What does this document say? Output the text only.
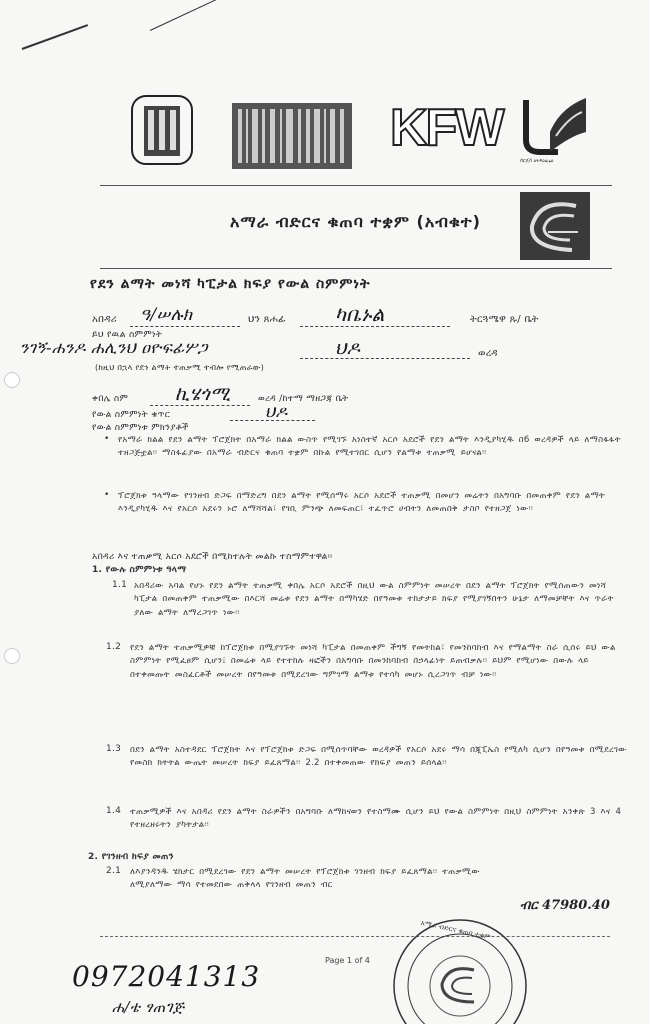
KFW
ሰርጀስ ዕትጾዕዕሌዕ
አማራ ብድርና ቁጠባ ተቋም (አብቁተ)
የደን ልማት መነሻ ካፒታል ክፍያ የውል ስምምነት
አበዳሪ ዓ/ሠሉክ	ህን ጸሐፊ ካቤኑል	ትርጓሜዋ ጹ/ ቤት
ይህ የዉል ስምምነት
ንገኝ-ሐንዶ ሐሊንህ ዐዮፍፊሦጋ	ህዶ	ወረዳ
(ከዚህ በኋላ የደን ልማት ተጠቃሚ ተብሎ የሚጠራው)
ቀበሌ ስም ኪሄጎሚ	ወረዳ /ከተማ ማዘጋጃ ቤት
የውል ስምምነት ቁጥር	ህዶ
የውል ስምምነቱ ምክንያቶች
• የአማራ ክልል የደን ልማት ፕሮጀክት በአማራ ክልል ውስጥ የሚገኙ አነስተኛ አርሶ አደሮች የደን ልማት እንዲያካሂዱ በ6 ወረዳዎች ላይ ለማስፋፋት ተዘጋጅቷል፡፡ ማስፋፊያው በአማራ ብድርና ቁጠባ ተቋም በኩል የሚተገበር ሲሆን የልማቱ ተጠቃሚ ይሆናል፡፡
• ፕሮጀክቱ ዓላማው የገንዘብ ድጋፍ በማድረግ በደን ልማት የሚሰማሩ አርሶ አደሮች ተጠቃሚ በመሆን መሬትን በአግባቡ በመጠቀም የደን ልማት እንዲያካሂዱ እና የአርሶ አደሩን ኑሮ ለማሻሻል፣ የገቢ ምንጭ ለመፍጠር፣ ተፈጥሮ ሀብትን ለመጠበቅ ታስቦ የተዘጋጀ ነው፡፡
አበዳሪ እና ተጠቃሚ አርሶ አደሮች በሚከተሉት መልኩ ተስማምተዋል፡፡
1. የውሉ ስምምነቱ ዓላማ
1.1 አበዳሪው አባል የሆኑ የደን ልማት ተጠቃሚ ቀበሌ አርሶ አደሮች በዚህ ውል ስምምነት መሠረት በደን ልማት ፕሮጀክት የሚሰጠውን መነሻ ካፒታል በመጠቀም ተጠቃሚው በእርሻ መሬቱ የደን ልማት በማካሄድ በየዓመቱ ተከታታይ ክፍያ የሚያገኝበትን ሁኔታ ለማመቻቸት እና ጥራት ያለው ልማት ለማረጋገጥ ነው፡፡
1.2 የደን ልማት ተጠቃሚዎቹ ከፕሮጀክቱ በሚያገኙት መነሻ ካፒታል በመጠቀም ችግኝ የመትከል፣ የመንከባከብ እና የማልማት ስራ ሲሰሩ ይህ ውል ስምምነት የሚፈፀም ሲሆን፤ በመሬቱ ላይ የተተከሉ ዛፎችን በአግባቡ በመንከባከብ በኃላፊነት ይጠብቃሉ፡፡ ይህም የሚሆነው በውሉ ላይ በተቀመጡት መስፈርቶች መሠረት በየዓመቱ በሚደረገው ግምገማ ልማቱ የተሳካ መሆኑ ሲረጋገጥ ብቻ ነው፡፡
1.3 በደን ልማት አስተዳደር ፕሮጀክት እና የፕሮጀክቱ ድጋፍ በሚሰጥባቸው ወረዳዎች የአርሶ አደሩ ማሳ በጂፒኤስ የሚለካ ሲሆን በየዓመቱ በሚደረገው የመስክ ክትትል ውጤት መሠረት ክፍያ ይፈጸማል፡፡ 2.2 በተቀመጠው የክፍያ መጠን ይሰላል፡፡
1.4 ተጠቃሚዎች እና አበዳሪ የደን ልማት ስራዎችን በአግባቡ ለማከናወን የተስማሙ ሲሆን ይህ የውል ስምምነት በዚህ ስምምነት አንቀጽ 3 እና 4 የተዘረዘሩትን ያካትታል፡፡
2. የገንዘብ ክፍያ መጠን
2.1 ለእያንዳንዱ ሄክታር በሚደረገው የደን ልማት መሠረት የፕሮጀክቱ ገንዘብ ክፍያ ይፈጸማል፡፡ ተጠቃሚው ለሚያለማው ማሳ የተመደበው ጠቅላላ የገንዘብ መጠን ብር
ብር 47980.40
Page 1 of 4
አማራ ብድርና ቁጠባ ተቋም
0972041313
ሐ/ቴ ፃጠገጅ
